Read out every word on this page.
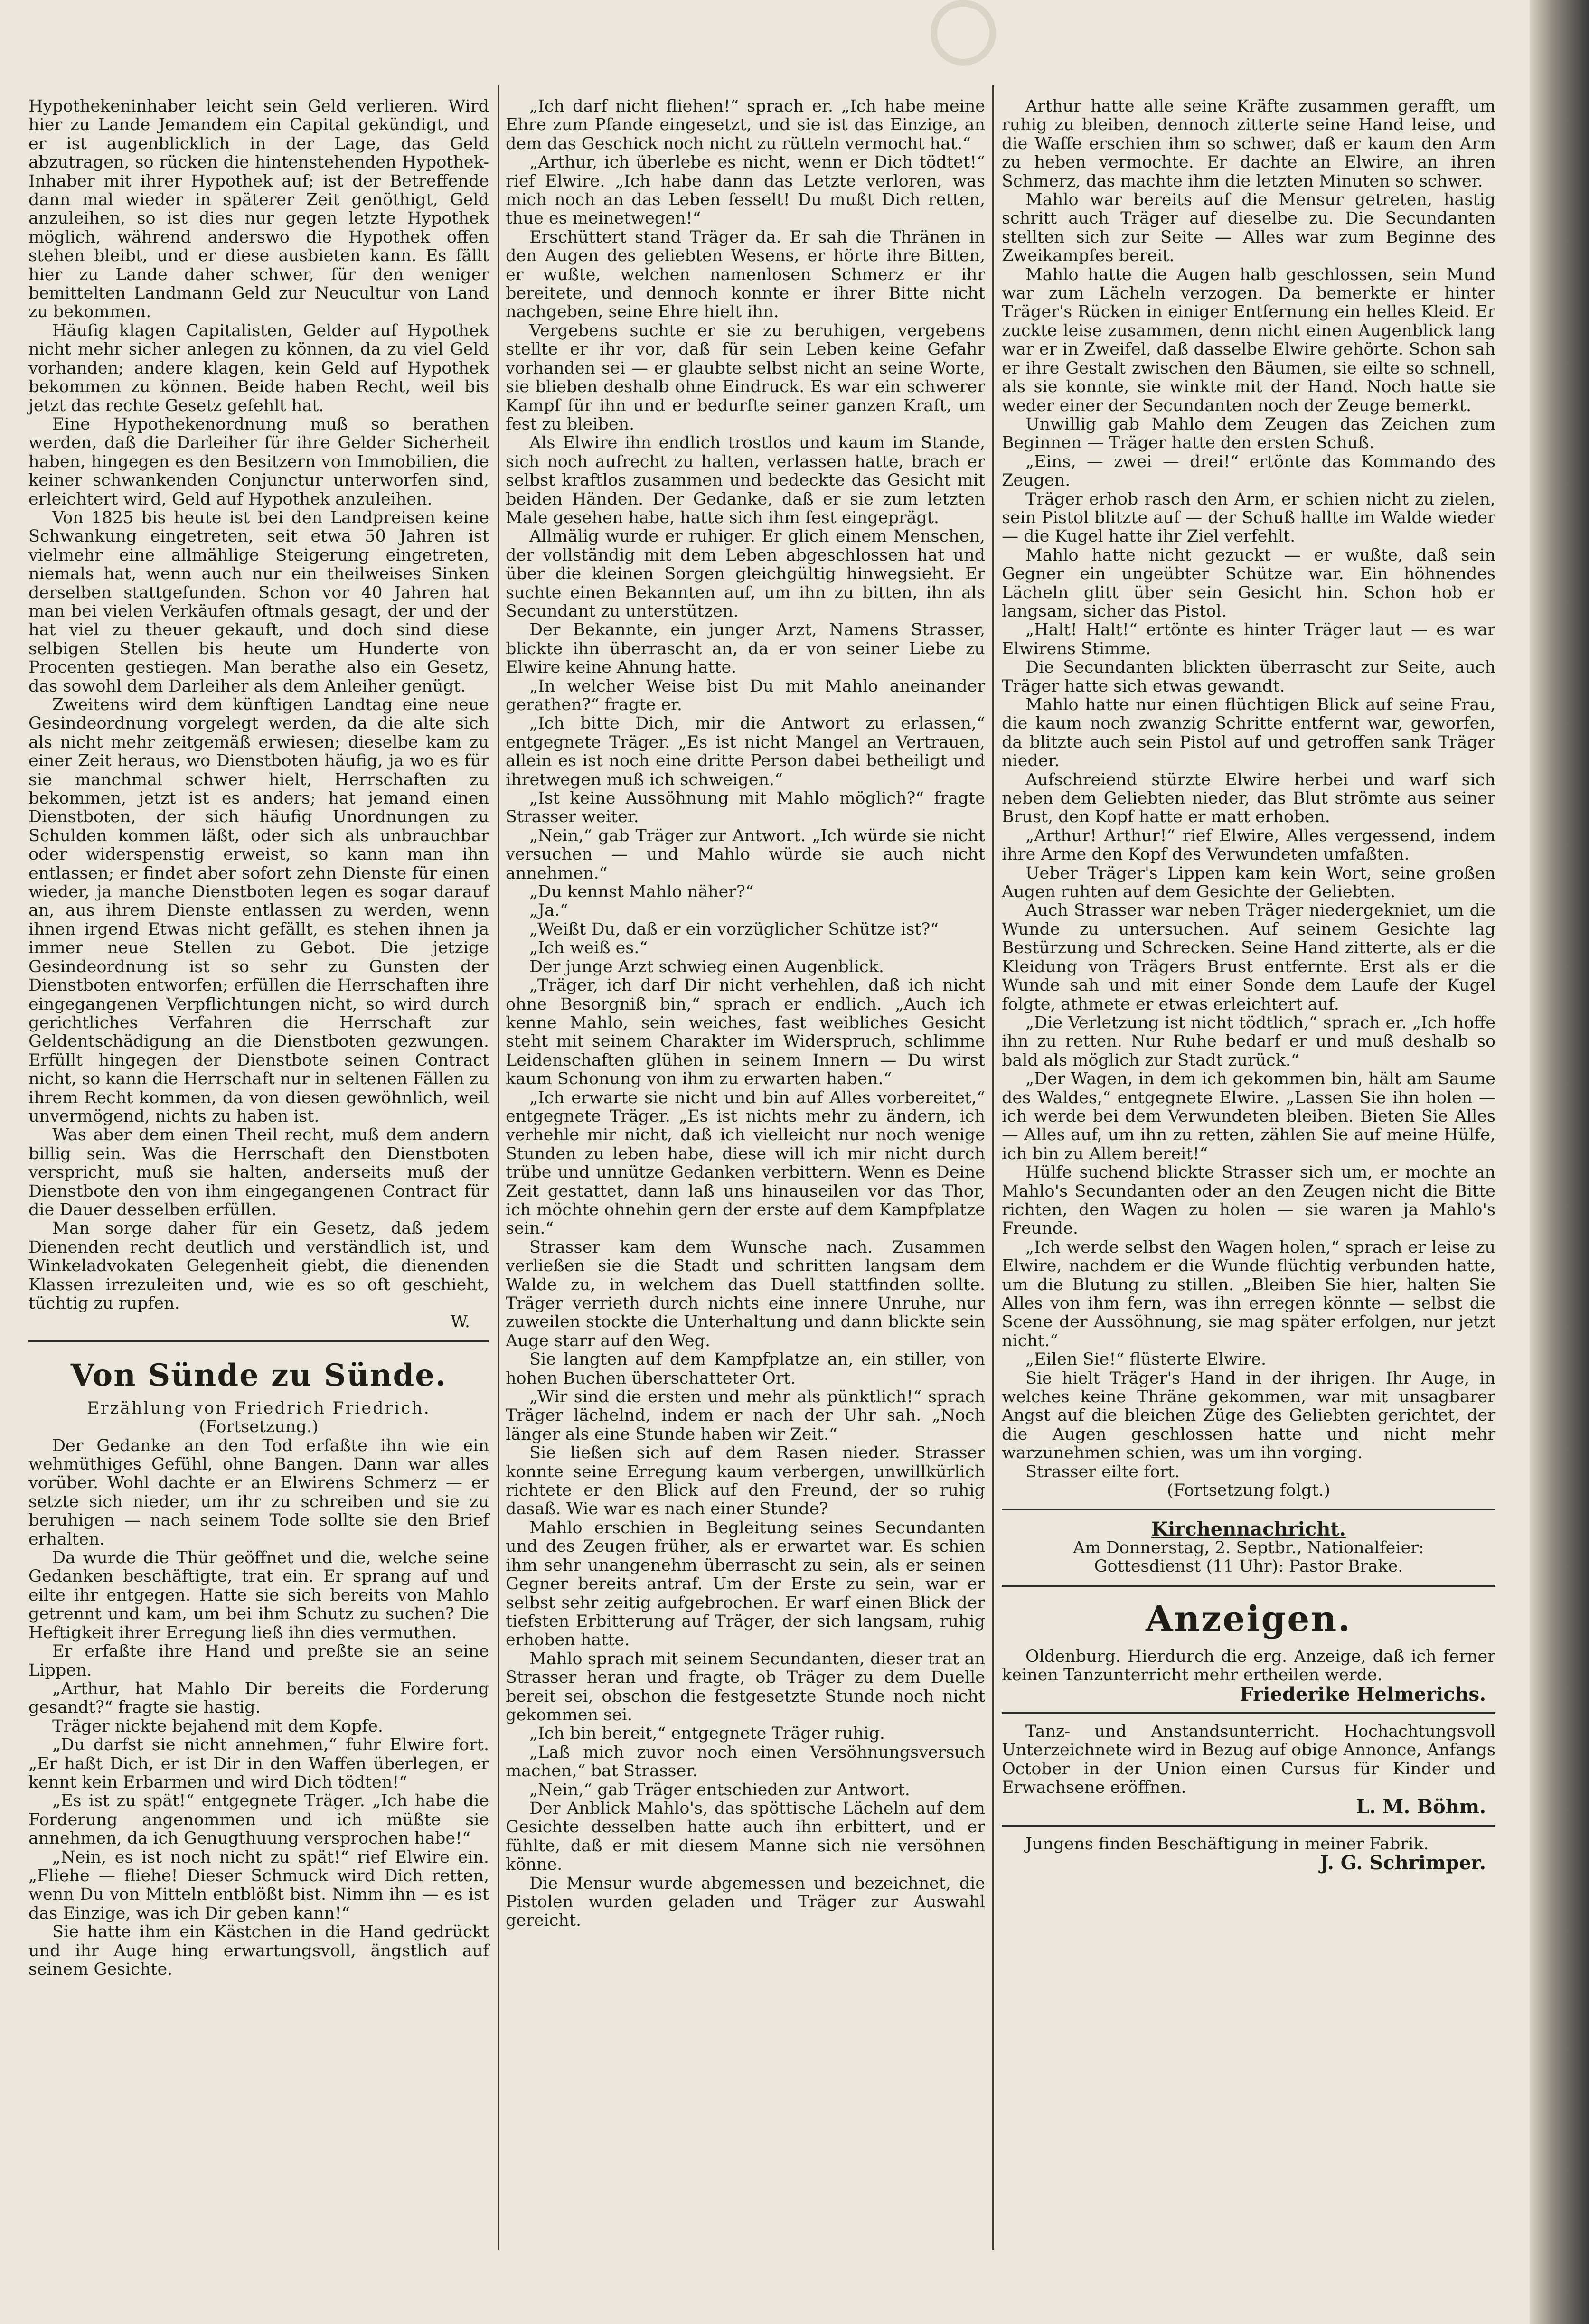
Hypothekeninhaber leicht sein Geld verlieren. Wird hier zu Lande Jemandem ein Capital gekündigt, und er ist augenblicklich in der Lage, das Geld abzutragen, so rücken die hintenstehenden Hypothek-Inhaber mit ihrer Hypothek auf; ist der Betreffende dann mal wieder in späterer Zeit genöthigt, Geld anzuleihen, so ist dies nur gegen letzte Hypothek möglich, während anderswo die Hypothek offen stehen bleibt, und er diese ausbieten kann. Es fällt hier zu Lande daher schwer, für den weniger bemittelten Landmann Geld zur Neucultur von Land zu bekommen.

Häufig klagen Capitalisten, Gelder auf Hypothek nicht mehr sicher anlegen zu können, da zu viel Geld vorhanden; andere klagen, kein Geld auf Hypothek bekommen zu können. Beide haben Recht, weil bis jetzt das rechte Gesetz gefehlt hat.

Eine Hypothekenordnung muß so berathen werden, daß die Darleiher für ihre Gelder Sicherheit haben, hingegen es den Besitzern von Immobilien, die keiner schwankenden Conjunctur unterworfen sind, erleichtert wird, Geld auf Hypothek anzuleihen.

Von 1825 bis heute ist bei den Landpreisen keine Schwankung eingetreten, seit etwa 50 Jahren ist vielmehr eine allmählige Steigerung eingetreten, niemals hat, wenn auch nur ein theilweises Sinken derselben stattgefunden. Schon vor 40 Jahren hat man bei vielen Verkäufen oftmals gesagt, der und der hat viel zu theuer gekauft, und doch sind diese selbigen Stellen bis heute um Hunderte von Procenten gestiegen. Man berathe also ein Gesetz, das sowohl dem Darleiher als dem Anleiher genügt.

Zweitens wird dem künftigen Landtag eine neue Gesindeordnung vorgelegt werden, da die alte sich als nicht mehr zeitgemäß erwiesen; dieselbe kam zu einer Zeit heraus, wo Dienstboten häufig, ja wo es für sie manchmal schwer hielt, Herrschaften zu bekommen, jetzt ist es anders; hat jemand einen Dienstboten, der sich häufig Unordnungen zu Schulden kommen läßt, oder sich als unbrauchbar oder widerspenstig erweist, so kann man ihn entlassen; er findet aber sofort zehn Dienste für einen wieder, ja manche Dienstboten legen es sogar darauf an, aus ihrem Dienste entlassen zu werden, wenn ihnen irgend Etwas nicht gefällt, es stehen ihnen ja immer neue Stellen zu Gebot. Die jetzige Gesindeordnung ist so sehr zu Gunsten der Dienstboten entworfen; erfüllen die Herrschaften ihre eingegangenen Verpflichtungen nicht, so wird durch gerichtliches Verfahren die Herrschaft zur Geldentschädigung an die Dienstboten gezwungen. Erfüllt hingegen der Dienstbote seinen Contract nicht, so kann die Herrschaft nur in seltenen Fällen zu ihrem Recht kommen, da von diesen gewöhnlich, weil unvermögend, nichts zu haben ist.

Was aber dem einen Theil recht, muß dem andern billig sein. Was die Herrschaft den Dienstboten verspricht, muß sie halten, anderseits muß der Dienstbote den von ihm eingegangenen Contract für die Dauer desselben erfüllen.

Man sorge daher für ein Gesetz, daß jedem Dienenden recht deutlich und verständlich ist, und Winkeladvokaten Gelegenheit giebt, die dienenden Klassen irrezuleiten und, wie es so oft geschieht, tüchtig zu rupfen.

W.

Von Sünde zu Sünde.

Erzählung von Friedrich Friedrich.

(Fortsetzung.)

Der Gedanke an den Tod erfaßte ihn wie ein wehmüthiges Gefühl, ohne Bangen. Dann war alles vorüber. Wohl dachte er an Elwirens Schmerz — er setzte sich nieder, um ihr zu schreiben und sie zu beruhigen — nach seinem Tode sollte sie den Brief erhalten.

Da wurde die Thür geöffnet und die, welche seine Gedanken beschäftigte, trat ein. Er sprang auf und eilte ihr entgegen. Hatte sie sich bereits von Mahlo getrennt und kam, um bei ihm Schutz zu suchen? Die Heftigkeit ihrer Erregung ließ ihn dies vermuthen.

Er erfaßte ihre Hand und preßte sie an seine Lippen.

„Arthur, hat Mahlo Dir bereits die Forderung gesandt?“ fragte sie hastig.

Träger nickte bejahend mit dem Kopfe.

„Du darfst sie nicht annehmen,“ fuhr Elwire fort. „Er haßt Dich, er ist Dir in den Waffen überlegen, er kennt kein Erbarmen und wird Dich tödten!“

„Es ist zu spät!“ entgegnete Träger. „Ich habe die Forderung angenommen und ich müßte sie annehmen, da ich Genugthuung versprochen habe!“

„Nein, es ist noch nicht zu spät!“ rief Elwire ein. „Fliehe — fliehe! Dieser Schmuck wird Dich retten, wenn Du von Mitteln entblößt bist. Nimm ihn — es ist das Einzige, was ich Dir geben kann!“

Sie hatte ihm ein Kästchen in die Hand gedrückt und ihr Auge hing erwartungsvoll, ängstlich auf seinem Gesichte.

„Ich darf nicht fliehen!“ sprach er. „Ich habe meine Ehre zum Pfande eingesetzt, und sie ist das Einzige, an dem das Geschick noch nicht zu rütteln vermocht hat.“

„Arthur, ich überlebe es nicht, wenn er Dich tödtet!“ rief Elwire. „Ich habe dann das Letzte verloren, was mich noch an das Leben fesselt! Du mußt Dich retten, thue es meinetwegen!“

Erschüttert stand Träger da. Er sah die Thränen in den Augen des geliebten Wesens, er hörte ihre Bitten, er wußte, welchen namenlosen Schmerz er ihr bereitete, und dennoch konnte er ihrer Bitte nicht nachgeben, seine Ehre hielt ihn.

Vergebens suchte er sie zu beruhigen, vergebens stellte er ihr vor, daß für sein Leben keine Gefahr vorhanden sei — er glaubte selbst nicht an seine Worte, sie blieben deshalb ohne Eindruck. Es war ein schwerer Kampf für ihn und er bedurfte seiner ganzen Kraft, um fest zu bleiben.

Als Elwire ihn endlich trostlos und kaum im Stande, sich noch aufrecht zu halten, verlassen hatte, brach er selbst kraftlos zusammen und bedeckte das Gesicht mit beiden Händen. Der Gedanke, daß er sie zum letzten Male gesehen habe, hatte sich ihm fest eingeprägt.

Allmälig wurde er ruhiger. Er glich einem Menschen, der vollständig mit dem Leben abgeschlossen hat und über die kleinen Sorgen gleichgültig hinwegsieht. Er suchte einen Bekannten auf, um ihn zu bitten, ihn als Secundant zu unterstützen.

Der Bekannte, ein junger Arzt, Namens Strasser, blickte ihn überrascht an, da er von seiner Liebe zu Elwire keine Ahnung hatte.

„In welcher Weise bist Du mit Mahlo aneinander gerathen?“ fragte er.

„Ich bitte Dich, mir die Antwort zu erlassen,“ entgegnete Träger. „Es ist nicht Mangel an Vertrauen, allein es ist noch eine dritte Person dabei betheiligt und ihretwegen muß ich schweigen.“

„Ist keine Aussöhnung mit Mahlo möglich?“ fragte Strasser weiter.

„Nein,“ gab Träger zur Antwort. „Ich würde sie nicht versuchen — und Mahlo würde sie auch nicht annehmen.“

„Du kennst Mahlo näher?“

„Ja.“

„Weißt Du, daß er ein vorzüglicher Schütze ist?“

„Ich weiß es.“

Der junge Arzt schwieg einen Augenblick.

„Träger, ich darf Dir nicht verhehlen, daß ich nicht ohne Besorgniß bin,“ sprach er endlich. „Auch ich kenne Mahlo, sein weiches, fast weibliches Gesicht steht mit seinem Charakter im Widerspruch, schlimme Leidenschaften glühen in seinem Innern — Du wirst kaum Schonung von ihm zu erwarten haben.“

„Ich erwarte sie nicht und bin auf Alles vorbereitet,“ entgegnete Träger. „Es ist nichts mehr zu ändern, ich verhehle mir nicht, daß ich vielleicht nur noch wenige Stunden zu leben habe, diese will ich mir nicht durch trübe und unnütze Gedanken verbittern. Wenn es Deine Zeit gestattet, dann laß uns hinauseilen vor das Thor, ich möchte ohnehin gern der erste auf dem Kampfplatze sein.“

Strasser kam dem Wunsche nach. Zusammen verließen sie die Stadt und schritten langsam dem Walde zu, in welchem das Duell stattfinden sollte. Träger verrieth durch nichts eine innere Unruhe, nur zuweilen stockte die Unterhaltung und dann blickte sein Auge starr auf den Weg.

Sie langten auf dem Kampfplatze an, ein stiller, von hohen Buchen überschatteter Ort.

„Wir sind die ersten und mehr als pünktlich!“ sprach Träger lächelnd, indem er nach der Uhr sah. „Noch länger als eine Stunde haben wir Zeit.“

Sie ließen sich auf dem Rasen nieder. Strasser konnte seine Erregung kaum verbergen, unwillkürlich richtete er den Blick auf den Freund, der so ruhig dasaß. Wie war es nach einer Stunde?

Mahlo erschien in Begleitung seines Secundanten und des Zeugen früher, als er erwartet war. Es schien ihm sehr unangenehm überrascht zu sein, als er seinen Gegner bereits antraf. Um der Erste zu sein, war er selbst sehr zeitig aufgebrochen. Er warf einen Blick der tiefsten Erbitterung auf Träger, der sich langsam, ruhig erhoben hatte.

Mahlo sprach mit seinem Secundanten, dieser trat an Strasser heran und fragte, ob Träger zu dem Duelle bereit sei, obschon die festgesetzte Stunde noch nicht gekommen sei.

„Ich bin bereit,“ entgegnete Träger ruhig.

„Laß mich zuvor noch einen Versöhnungsversuch machen,“ bat Strasser.

„Nein,“ gab Träger entschieden zur Antwort.

Der Anblick Mahlo's, das spöttische Lächeln auf dem Gesichte desselben hatte auch ihn erbittert, und er fühlte, daß er mit diesem Manne sich nie versöhnen könne.

Die Mensur wurde abgemessen und bezeichnet, die Pistolen wurden geladen und Träger zur Auswahl gereicht.

Arthur hatte alle seine Kräfte zusammen gerafft, um ruhig zu bleiben, dennoch zitterte seine Hand leise, und die Waffe erschien ihm so schwer, daß er kaum den Arm zu heben vermochte. Er dachte an Elwire, an ihren Schmerz, das machte ihm die letzten Minuten so schwer.

Mahlo war bereits auf die Mensur getreten, hastig schritt auch Träger auf dieselbe zu. Die Secundanten stellten sich zur Seite — Alles war zum Beginne des Zweikampfes bereit.

Mahlo hatte die Augen halb geschlossen, sein Mund war zum Lächeln verzogen. Da bemerkte er hinter Träger's Rücken in einiger Entfernung ein helles Kleid. Er zuckte leise zusammen, denn nicht einen Augenblick lang war er in Zweifel, daß dasselbe Elwire gehörte. Schon sah er ihre Gestalt zwischen den Bäumen, sie eilte so schnell, als sie konnte, sie winkte mit der Hand. Noch hatte sie weder einer der Secundanten noch der Zeuge bemerkt.

Unwillig gab Mahlo dem Zeugen das Zeichen zum Beginnen — Träger hatte den ersten Schuß.

„Eins, — zwei — drei!“ ertönte das Kommando des Zeugen.

Träger erhob rasch den Arm, er schien nicht zu zielen, sein Pistol blitzte auf — der Schuß hallte im Walde wieder — die Kugel hatte ihr Ziel verfehlt.

Mahlo hatte nicht gezuckt — er wußte, daß sein Gegner ein ungeübter Schütze war. Ein höhnendes Lächeln glitt über sein Gesicht hin. Schon hob er langsam, sicher das Pistol.

„Halt! Halt!“ ertönte es hinter Träger laut — es war Elwirens Stimme.

Die Secundanten blickten überrascht zur Seite, auch Träger hatte sich etwas gewandt.

Mahlo hatte nur einen flüchtigen Blick auf seine Frau, die kaum noch zwanzig Schritte entfernt war, geworfen, da blitzte auch sein Pistol auf und getroffen sank Träger nieder.

Aufschreiend stürzte Elwire herbei und warf sich neben dem Geliebten nieder, das Blut strömte aus seiner Brust, den Kopf hatte er matt erhoben.

„Arthur! Arthur!“ rief Elwire, Alles vergessend, indem ihre Arme den Kopf des Verwundeten umfaßten.

Ueber Träger's Lippen kam kein Wort, seine großen Augen ruhten auf dem Gesichte der Geliebten.

Auch Strasser war neben Träger niedergekniet, um die Wunde zu untersuchen. Auf seinem Gesichte lag Bestürzung und Schrecken. Seine Hand zitterte, als er die Kleidung von Trägers Brust entfernte. Erst als er die Wunde sah und mit einer Sonde dem Laufe der Kugel folgte, athmete er etwas erleichtert auf.

„Die Verletzung ist nicht tödtlich,“ sprach er. „Ich hoffe ihn zu retten. Nur Ruhe bedarf er und muß deshalb so bald als möglich zur Stadt zurück.“

„Der Wagen, in dem ich gekommen bin, hält am Saume des Waldes,“ entgegnete Elwire. „Lassen Sie ihn holen — ich werde bei dem Verwundeten bleiben. Bieten Sie Alles — Alles auf, um ihn zu retten, zählen Sie auf meine Hülfe, ich bin zu Allem bereit!“

Hülfe suchend blickte Strasser sich um, er mochte an Mahlo's Secundanten oder an den Zeugen nicht die Bitte richten, den Wagen zu holen — sie waren ja Mahlo's Freunde.

„Ich werde selbst den Wagen holen,“ sprach er leise zu Elwire, nachdem er die Wunde flüchtig verbunden hatte, um die Blutung zu stillen. „Bleiben Sie hier, halten Sie Alles von ihm fern, was ihn erregen könnte — selbst die Scene der Aussöhnung, sie mag später erfolgen, nur jetzt nicht.“

„Eilen Sie!“ flüsterte Elwire.

Sie hielt Träger's Hand in der ihrigen. Ihr Auge, in welches keine Thräne gekommen, war mit unsagbarer Angst auf die bleichen Züge des Geliebten gerichtet, der die Augen geschlossen hatte und nicht mehr warzunehmen schien, was um ihn vorging.

Strasser eilte fort.

(Fortsetzung folgt.)

Kirchennachricht.

Am Donnerstag, 2. Septbr., Nationalfeier:

Gottesdienst (11 Uhr): Pastor Brake.

Anzeigen.

Oldenburg. Hierdurch die erg. Anzeige, daß ich ferner keinen Tanzunterricht mehr ertheilen werde.

Friederike Helmerichs.

Tanz- und Anstandsunterricht. Hochachtungsvoll Unterzeichnete wird in Bezug auf obige Annonce, Anfangs October in der Union einen Cursus für Kinder und Erwachsene eröffnen.

L. M. Böhm.

Jungens finden Beschäftigung in meiner Fabrik.

J. G. Schrimper.
